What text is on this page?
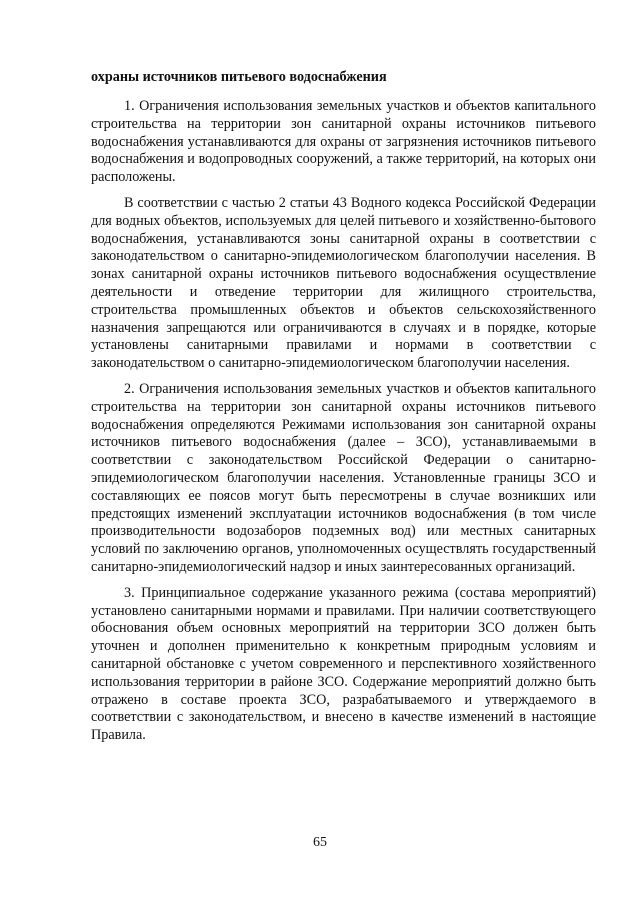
охраны источников питьевого водоснабжения

1. Ограничения использования земельных участков и объектов капитального строительства на территории зон санитарной охраны источников питьевого водоснабжения устанавливаются для охраны от загрязнения источников питьевого водоснабжения и водопроводных сооружений, а также территорий, на которых они расположены.

В соответствии с частью 2 статьи 43 Водного кодекса Российской Федерации для водных объектов, используемых для целей питьевого и хозяйственно-бытового водоснабжения, устанавливаются зоны санитарной охраны в соответствии с законодательством о санитарно-эпидемиологическом благополучии населения. В зонах санитарной охраны источников питьевого водоснабжения осуществление деятельности и отведение территории для жилищного строительства, строительства промышленных объектов и объектов сельскохозяйственного назначения запрещаются или ограничиваются в случаях и в порядке, которые установлены санитарными правилами и нормами в соответствии с законодательством о санитарно-эпидемиологическом благополучии населения.

2. Ограничения использования земельных участков и объектов капитального строительства на территории зон санитарной охраны источников питьевого водоснабжения определяются Режимами использования зон санитарной охраны источников питьевого водоснабжения (далее – ЗСО), устанавливаемыми в соответствии с законодательством Российской Федерации о санитарно-эпидемиологическом благополучии населения. Установленные границы ЗСО и составляющих ее поясов могут быть пересмотрены в случае возникших или предстоящих изменений эксплуатации источников водоснабжения (в том числе производительности водозаборов подземных вод) или местных санитарных условий по заключению органов, уполномоченных осуществлять государственный санитарно-эпидемиологический надзор и иных заинтересованных организаций.

3. Принципиальное содержание указанного режима (состава мероприятий) установлено санитарными нормами и правилами. При наличии соответствующего обоснования объем основных мероприятий на территории ЗСО должен быть уточнен и дополнен применительно к конкретным природным условиям и санитарной обстановке с учетом современного и перспективного хозяйственного использования территории в районе ЗСО. Содержание мероприятий должно быть отражено в составе проекта ЗСО, разрабатываемого и утверждаемого в соответствии с законодательством, и внесено в качестве изменений в настоящие Правила.

65
